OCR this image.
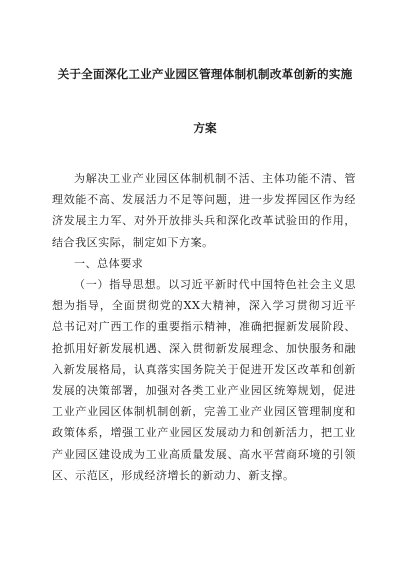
关于全面深化工业产业园区管理体制机制改革创新的实施
方案

为解决工业产业园区体制机制不活、主体功能不清、管理效能不高、发展活力不足等问题，进一步发挥园区作为经济发展主力军、对外开放排头兵和深化改革试验田的作用，结合我区实际，制定如下方案。

一、总体要求

（一）指导思想。以习近平新时代中国特色社会主义思想为指导，全面贯彻党的XX大精神，深入学习贯彻习近平总书记对广西工作的重要指示精神，准确把握新发展阶段、抢抓用好新发展机遇、深入贯彻新发展理念、加快服务和融入新发展格局，认真落实国务院关于促进开发区改革和创新发展的决策部署，加强对各类工业产业园区统筹规划，促进工业产业园区体制机制创新，完善工业产业园区管理制度和政策体系，增强工业产业园区发展动力和创新活力，把工业产业园区建设成为工业高质量发展、高水平营商环境的引领区、示范区，形成经济增长的新动力、新支撑。
